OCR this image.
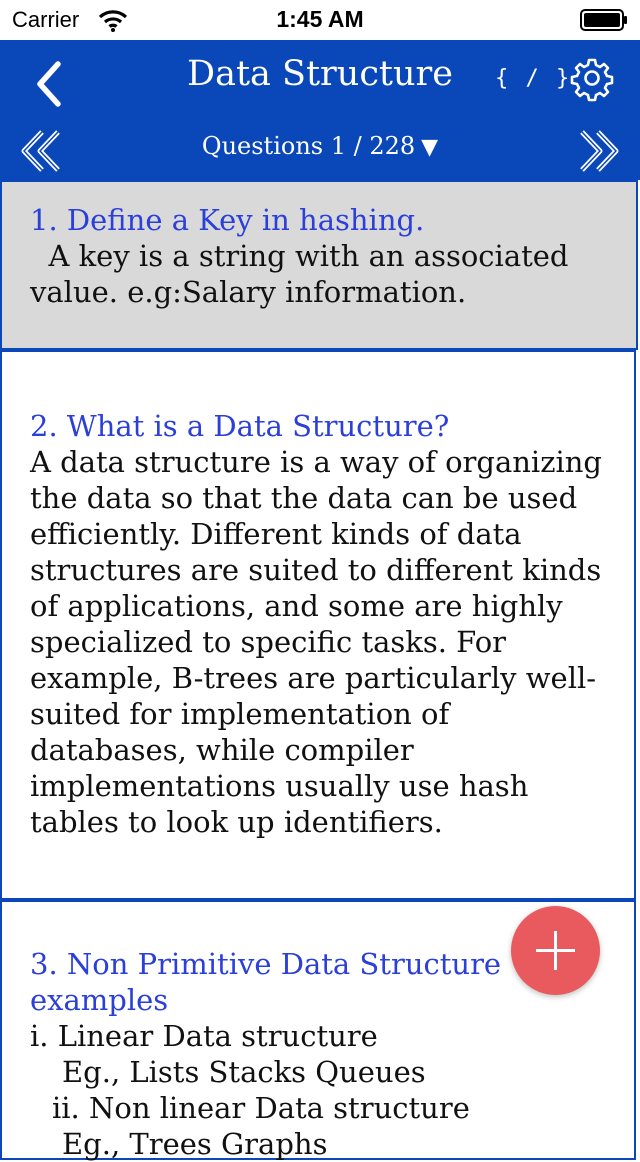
Carrier	1:45 AM
Data Structure	{ / }
Questions 1 / 228 ▼
1. Define a Key in hashing.
A key is a string with an associated value. e.g:Salary information.
2. What is a Data Structure?
A data structure is a way of organizing the data so that the data can be used efficiently. Different kinds of data structures are suited to different kinds of applications, and some are highly specialized to specific tasks. For example, B-trees are particularly well-suited for implementation of databases, while compiler implementations usually use hash tables to look up identifiers.
3. Non Primitive Data Structure examples
i. Linear Data structure
Eg., Lists Stacks Queues
ii. Non linear Data structure
Eg., Trees Graphs
